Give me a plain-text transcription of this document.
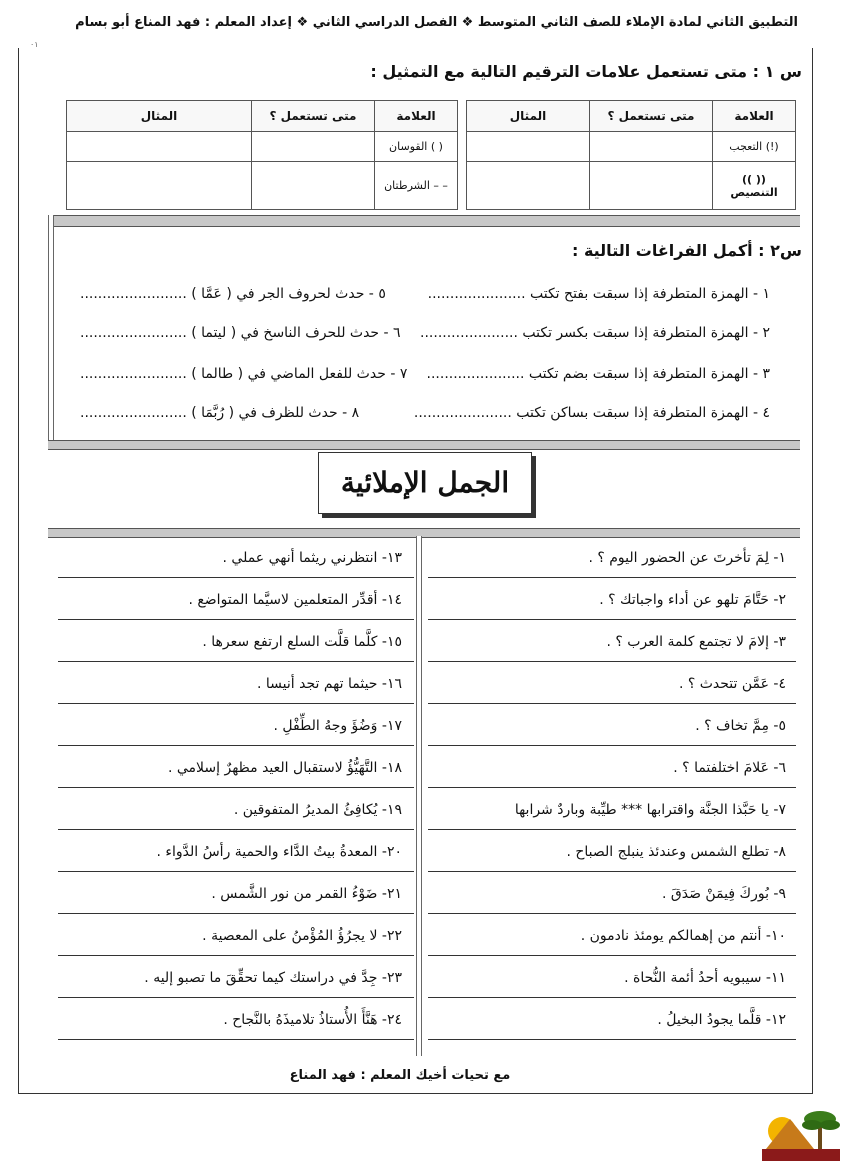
۰۱
التطبيق الثاني لمادة الإملاء للصف الثاني المتوسط ❖ الفصل الدراسي الثاني ❖ إعداد المعلم : فهد المناع أبو بسام
س ١ : متى تستعمل علامات الترقيم التالية مع التمثيل :
العلامة	متى تستعمل ؟	المثال		العلامة	متى تستعمل ؟	المثال
(!) التعجب				( ) القوسان		
(( )) التنصيص				– – الشرطتان		
س٢ : أكمل الفراغات التالية :
١ - الهمزة المتطرفة إذا سبقت بفتح تكتب ......................
٥ - حدث لحروف الجر في ( عَمَّا ) ........................
٢ - الهمزة المتطرفة إذا سبقت بكسر تكتب ......................
٦ - حدث للحرف الناسخ في ( ليتما ) ........................
٣ - الهمزة المتطرفة إذا سبقت بضم تكتب ......................
٧ - حدث للفعل الماضي في ( طالما ) ........................
٤ - الهمزة المتطرفة إذا سبقت بساكن تكتب ......................
٨ - حدث للظرف في ( رُبَّمَا ) ........................
الجمل الإملائية
١- لِمَ تأخرتَ عن الحضور اليوم ؟ .
٢- حَتَّامَ تلهو عن أداء واجباتك ؟ .
٣- إلامَ لا تجتمع كلمة العرب ؟ .
٤- عَمَّن تتحدث ؟ .
٥- مِمَّ تخاف ؟ .
٦- عَلامَ اختلفتما ؟ .
٧- يا حَبَّذا الجنَّة واقترابها *** طيِّبة وباردٌ شرابها
٨- تطلع الشمس وعندئذ ينبلج الصباح .
٩- بُوركَ فِيمَنْ صَدَقَ .
١٠- أنتم من إهمالكم يومئذ نادمون .
١١- سيبويه أحدُ أئمة النُّحاة .
١٢- قلَّما يجودُ البخيلُ .
١٣- انتظرني ريثما أنهي عملي .
١٤- أقدِّر المتعلمين لاسيَّما المتواضع .
١٥- كلَّما قلَّت السلع ارتفع سعرها .
١٦- حيثما تهم تجد أنيسا .
١٧- وَضُؤَ وجهُ الطِّفْلِ .
١٨- التَّهَيُّؤُ لاستقبال العيد مظهرٌ إسلامي .
١٩- يُكافِئُ المديرُ المتفوقين .
٢٠- المعدةُ بيتُ الدَّاء والحمية رأسُ الدَّواء .
٢١- ضَوْءُ القمر من نور الشَّمس .
٢٢- لا يجرُؤُ المُؤْمنُ على المعصية .
٢٣- جِدَّ في دراستك كيما تحقِّقَ ما تصبو إليه .
٢٤- هَنَّأَ الأُستاذُ تلاميذَهُ بالنَّجاح .
مع تحيات أخيك المعلم : فهد المناع
